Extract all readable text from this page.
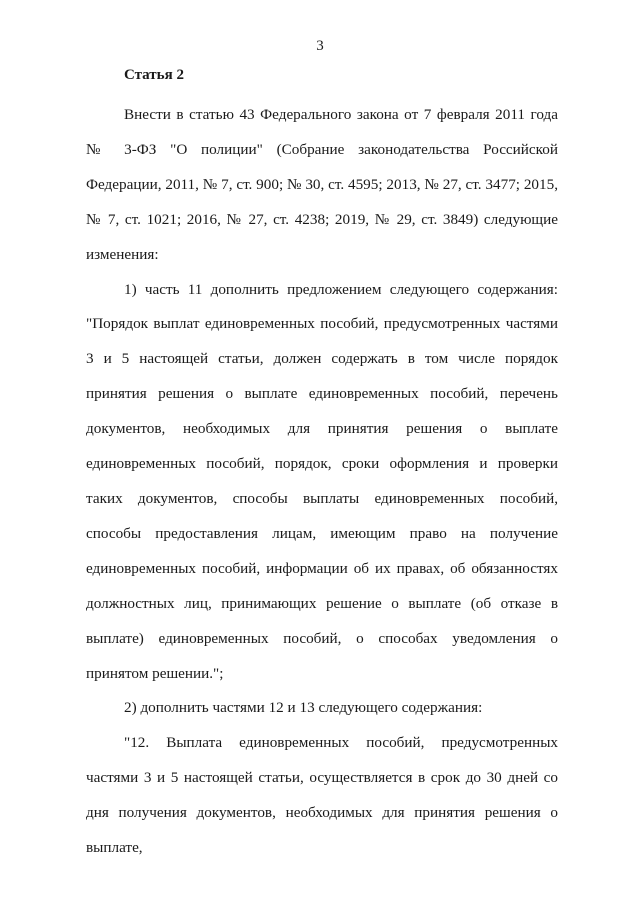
3
Статья 2

Внести в статью 43 Федерального закона от 7 февраля 2011 года № 3-ФЗ "О полиции" (Собрание законодательства Российской Федерации, 2011, № 7, ст. 900; № 30, ст. 4595; 2013, № 27, ст. 3477; 2015, № 7, ст. 1021; 2016, № 27, ст. 4238; 2019, № 29, ст. 3849) следующие изменения:

1) часть 11 дополнить предложением следующего содержания: "Порядок выплат единовременных пособий, предусмотренных частями 3 и 5 настоящей статьи, должен содержать в том числе порядок принятия решения о выплате единовременных пособий, перечень документов, необходимых для принятия решения о выплате единовременных пособий, порядок, сроки оформления и проверки таких документов, способы выплаты единовременных пособий, способы предоставления лицам, имеющим право на получение единовременных пособий, информации об их правах, об обязанностях должностных лиц, принимающих решение о выплате (об отказе в выплате) единовременных пособий, о способах уведомления о принятом решении.";

2) дополнить частями 12 и 13 следующего содержания:

"12. Выплата единовременных пособий, предусмотренных частями 3 и 5 настоящей статьи, осуществляется в срок до 30 дней со дня получения документов, необходимых для принятия решения о выплате,
